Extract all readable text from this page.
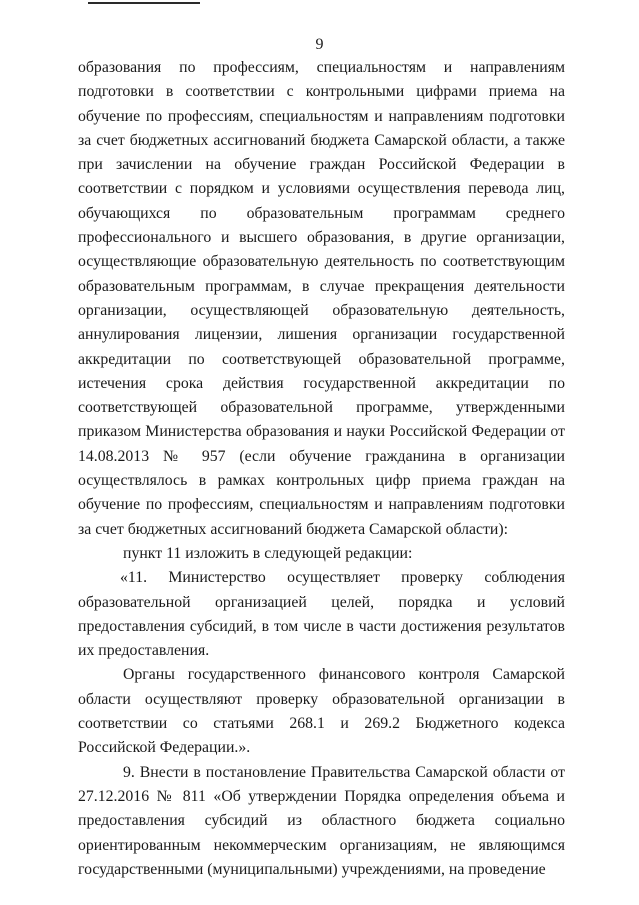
9

образования по профессиям, специальностям и направлениям подготовки в соответствии с контрольными цифрами приема на обучение по профессиям, специальностям и направлениям подготовки за счет бюджетных ассигнований бюджета Самарской области, а также при зачислении на обучение граждан Российской Федерации в соответствии с порядком и условиями осуществления перевода лиц, обучающихся по образовательным программам среднего профессионального и высшего образования, в другие организации, осуществляющие образовательную деятельность по соответствующим образовательным программам, в случае прекращения деятельности организации, осуществляющей образовательную деятельность, аннулирования лицензии, лишения организации государственной аккредитации по соответствующей образовательной программе, истечения срока действия государственной аккредитации по соответствующей образовательной программе, утвержденными приказом Министерства образования и науки Российской Федерации от 14.08.2013 № 957 (если обучение гражданина в организации осуществлялось в рамках контрольных цифр приема граждан на обучение по профессиям, специальностям и направлениям подготовки за счет бюджетных ассигнований бюджета Самарской области):

пункт 11 изложить в следующей редакции:

«11. Министерство осуществляет проверку соблюдения образовательной организацией целей, порядка и условий предоставления субсидий, в том числе в части достижения результатов их предоставления.

Органы государственного финансового контроля Самарской области осуществляют проверку образовательной организации в соответствии со статьями 268.1 и 269.2 Бюджетного кодекса Российской Федерации.».

9. Внести в постановление Правительства Самарской области от 27.12.2016 № 811 «Об утверждении Порядка определения объема и предоставления субсидий из областного бюджета социально ориентированным некоммерческим организациям, не являющимся государственными (муниципальными) учреждениями, на проведение
